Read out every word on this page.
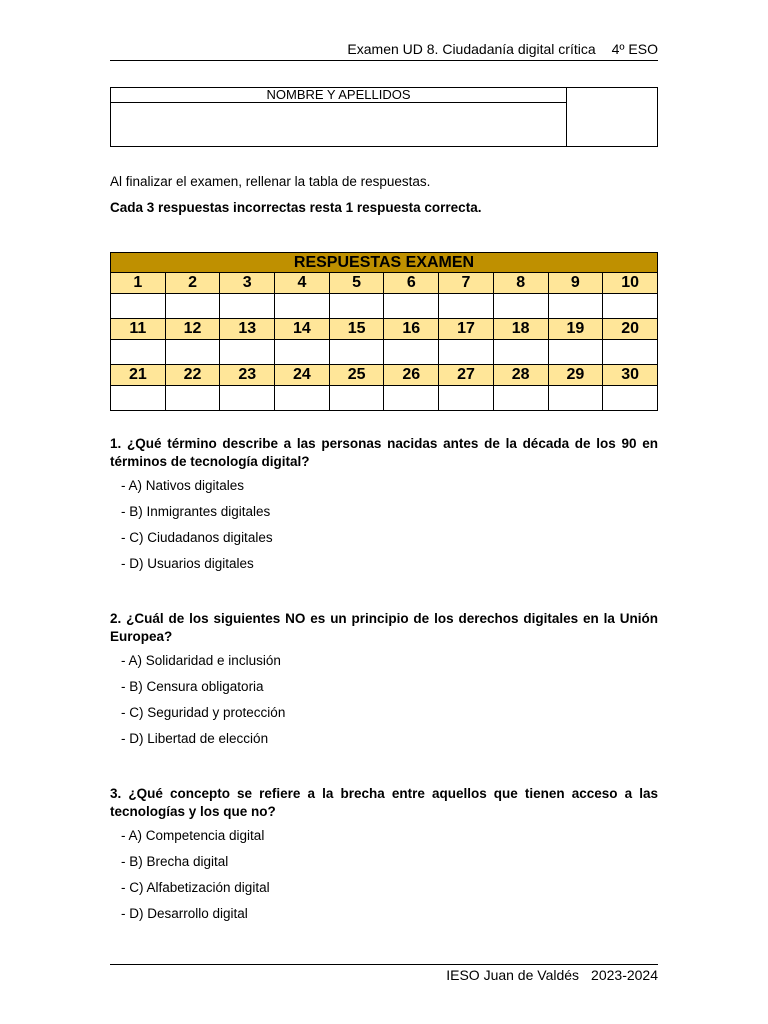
Examen UD 8. Ciudadanía digital crítica 4º ESO
NOMBRE Y APELLIDOS	

Al finalizar el examen, rellenar la tabla de respuestas.

Cada 3 respuestas incorrectas resta 1 respuesta correcta.

RESPUESTAS EXAMEN									
1	2	3	4	5	6	7	8	9	10

11	12	13	14	15	16	17	18	19	20

21	22	23	24	25	26	27	28	29	30

1. ¿Qué término describe a las personas nacidas antes de la década de los 90 en términos de tecnología digital?

- A) Nativos digitales

- B) Inmigrantes digitales

- C) Ciudadanos digitales

- D) Usuarios digitales

2. ¿Cuál de los siguientes NO es un principio de los derechos digitales en la Unión Europea?

- A) Solidaridad e inclusión

- B) Censura obligatoria

- C) Seguridad y protección

- D) Libertad de elección

3. ¿Qué concepto se refiere a la brecha entre aquellos que tienen acceso a las tecnologías y los que no?

- A) Competencia digital

- B) Brecha digital

- C) Alfabetización digital

- D) Desarrollo digital

IESO Juan de Valdés 2023-2024
